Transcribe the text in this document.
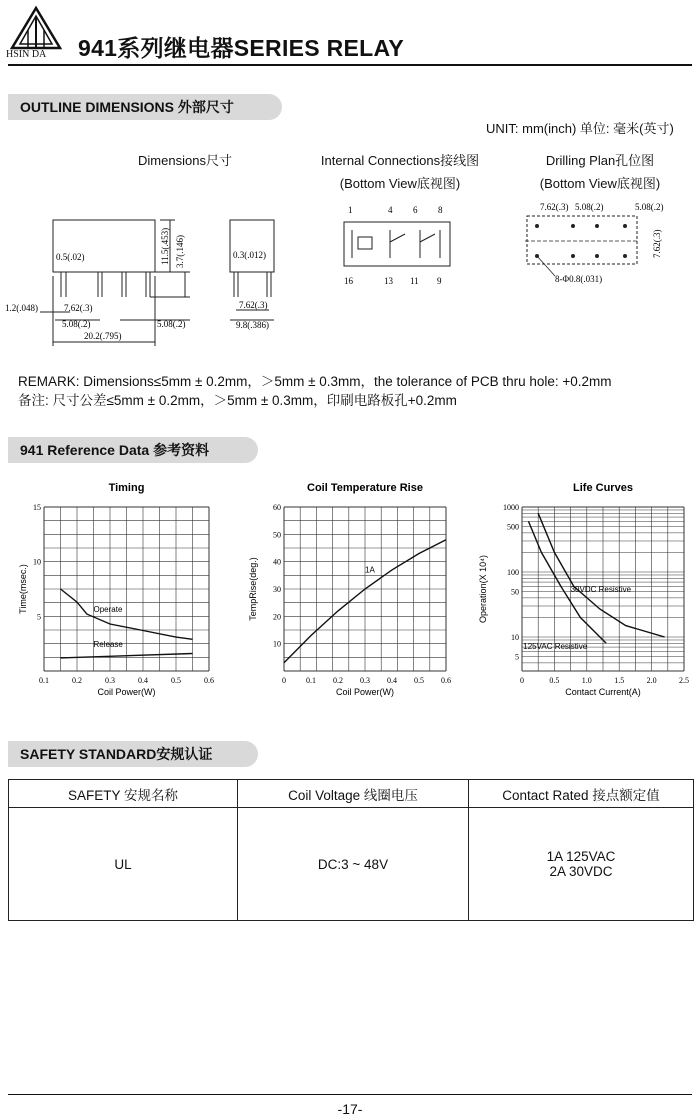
HSIN DA 941系列继电器SERIES RELAY
OUTLINE DIMENSIONS 外部尺寸
UNIT: mm(inch) 单位: 毫米(英寸)
Dimensions尺寸	Internal Connections接线图
(Bottom View底视图)
Drilling Plan孔位图
(Bottom View底视图)
0.5(.02)	11.5(.453) 3.7(.146)
1.2(.048)	7.62(.3)
5.08(.2)	5.08(.2)
20.2(.795)
0.3(.012)
7.62(.3)
9.8(.386)
1	4 6 8
16	13 11 9
7.62(.3) 5.08(.2)	5.08(.2)
7.62(.3)
8-Φ0.8(.031)
REMARK: Dimensions≤5mm ± 0.2mm，＞5mm ± 0.3mm，the tolerance of PCB thru hole: +0.2mm
备注: 尺寸公差≤5mm ± 0.2mm，＞5mm ± 0.3mm，印刷电路板孔+0.2mm
941 Reference Data 参考资料
Timing
0.1	0.2	0.3	0.4	0.5	0.6
5
10
15
Coil Power(W)
Time(msec.)	Operate
Release
Coil Temperature Rise
0	0.1 0.2 0.3 0.4 0.5 0.6
10
20
30
40
50
60
Coil Power(W)
TempRise(deg.)	1A
Life Curves
0	0.5	1.0	1.5	2.0	2.5
5
10
50
100
500
1000
Contact Current(A)
Operation(X 10⁴)	30VDC Resistive
125VAC Resistive
SAFETY STANDARD安规认证
SAFETY 安规名称	Coil Voltage 线圈电压	Contact Rated 接点额定值
UL	DC:3 ~ 48V	1A 125VAC
2A 30VDC
-17-
